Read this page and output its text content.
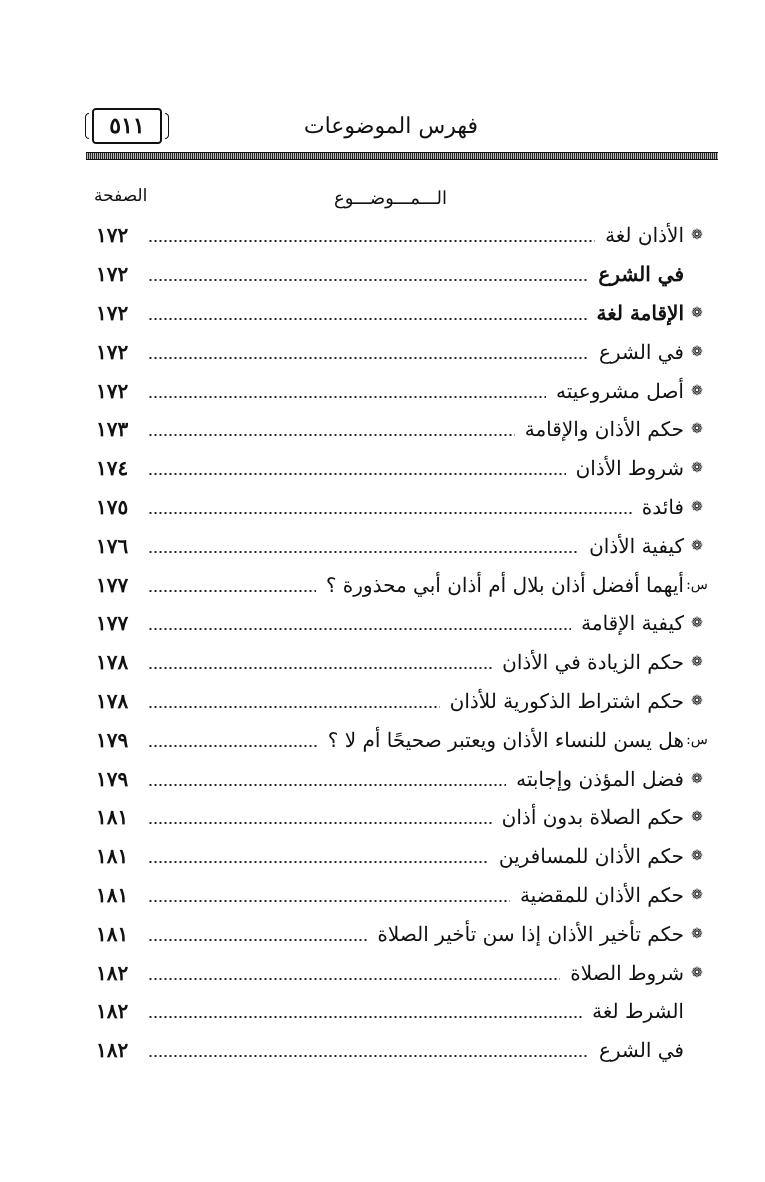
٥١١	فهرس الموضوعات
الصفحة	الـــمـــوضـــوع
❁
الأذان لغة
١٧٢
في الشرع
١٧٢
❁
الإقامة لغة
١٧٢
❁
في الشرع
١٧٢
❁
أصل مشروعيته
١٧٢
❁
حكم الأذان والإقامة
١٧٣
❁
شروط الأذان
١٧٤
❁
فائدة
١٧٥
❁
كيفية الأذان
١٧٦
س:
أيهما أفضل أذان بلال أم أذان أبي محذورة ؟
١٧٧
❁
كيفية الإقامة
١٧٧
❁
حكم الزيادة في الأذان
١٧٨
❁
حكم اشتراط الذكورية للأذان
١٧٨
س:
هل يسن للنساء الأذان ويعتبر صحيحًا أم لا ؟
١٧٩
❁
فضل المؤذن وإجابته
١٧٩
❁
حكم الصلاة بدون أذان
١٨١
❁
حكم الأذان للمسافرين
١٨١
❁
حكم الأذان للمقضية
١٨١
❁
حكم تأخير الأذان إذا سن تأخير الصلاة
١٨١
❁
شروط الصلاة
١٨٢
الشرط لغة
١٨٢
في الشرع
١٨٢
